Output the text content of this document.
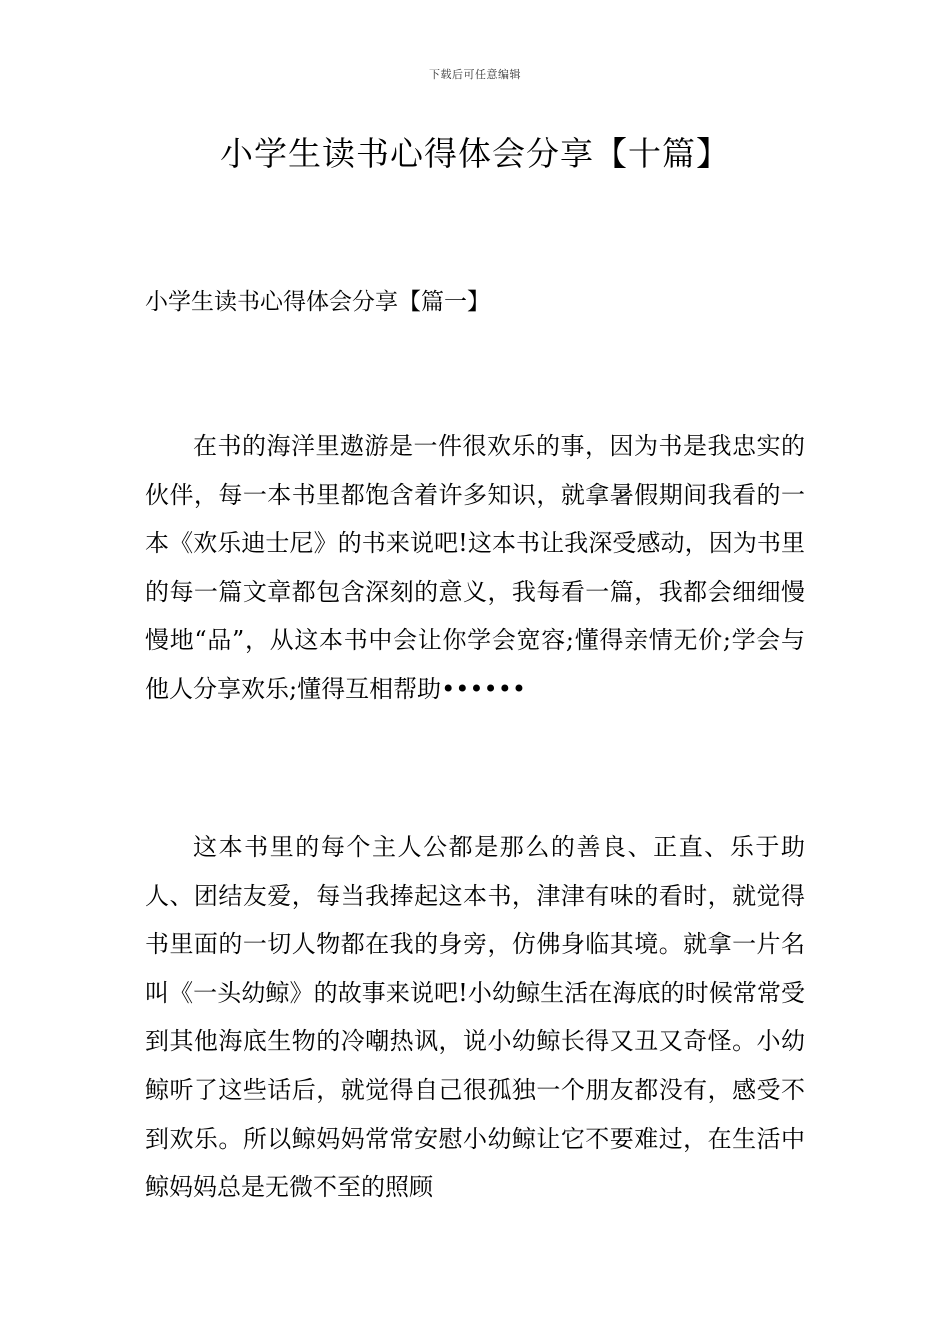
下载后可任意编辑
小学生读书心得体会分享【十篇】
小学生读书心得体会分享【篇一】

在书的海洋里遨游是一件很欢乐的事，因为书是我忠实的伙伴，每一本书里都饱含着许多知识，就拿暑假期间我看的一本《欢乐迪士尼》的书来说吧!这本书让我深受感动，因为书里的每一篇文章都包含深刻的意义，我每看一篇，我都会细细慢慢地“品”，从这本书中会让你学会宽容;懂得亲情无价;学会与他人分享欢乐;懂得互相帮助••••••

这本书里的每个主人公都是那么的善良、正直、乐于助人、团结友爱，每当我捧起这本书，津津有味的看时，就觉得书里面的一切人物都在我的身旁，仿佛身临其境。就拿一片名叫《一头幼鲸》的故事来说吧!小幼鲸生活在海底的时候常常受到其他海底生物的冷嘲热讽，说小幼鲸长得又丑又奇怪。小幼鲸听了这些话后，就觉得自己很孤独一个朋友都没有，感受不到欢乐。所以鲸妈妈常常安慰小幼鲸让它不要难过，在生活中鲸妈妈总是无微不至的照顾
